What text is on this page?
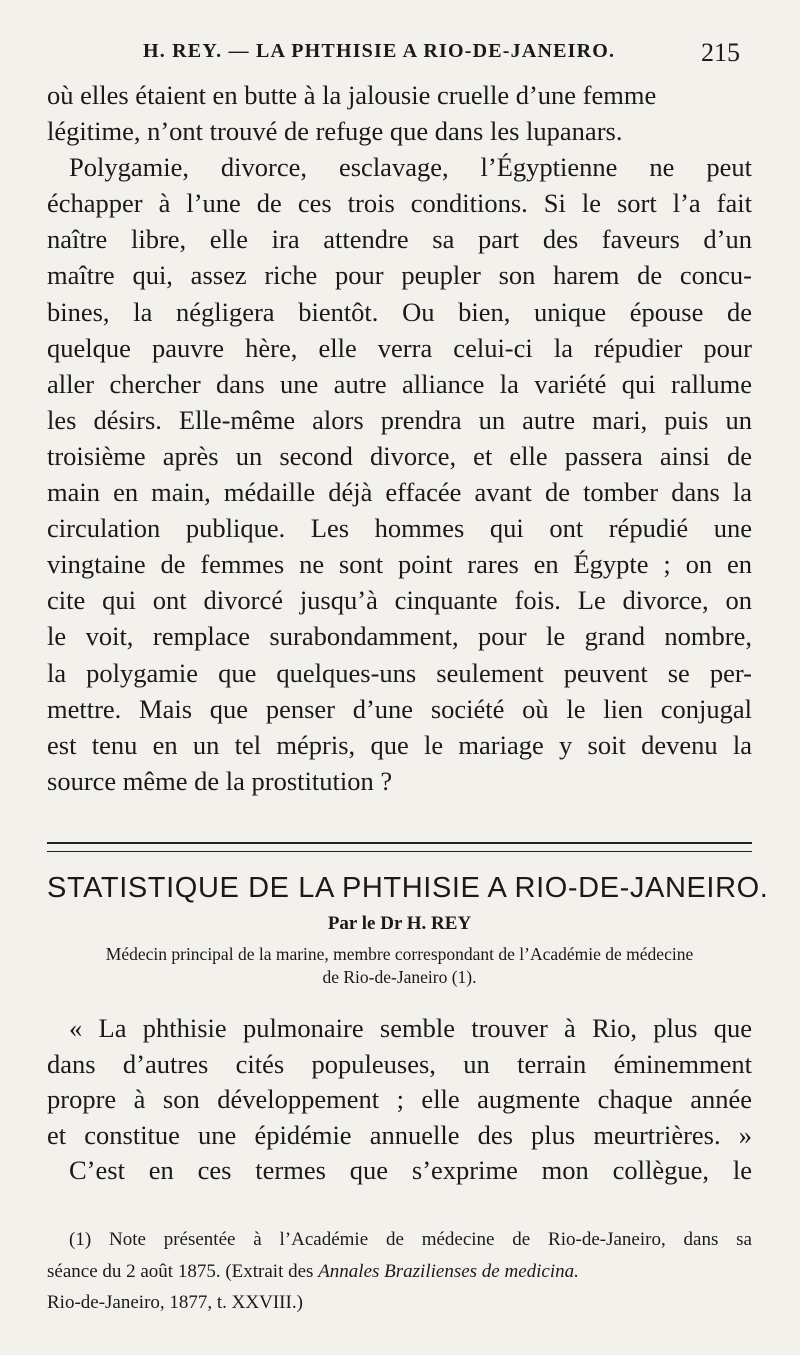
H. REY. — LA PHTHISIE A RIO-DE-JANEIRO.	215
où elles étaient en butte à la jalousie cruelle d’une femme
légitime, n’ont trouvé de refuge que dans les lupanars.
Polygamie, divorce, esclavage, l’Égyptienne ne peut
échapper à l’une de ces trois conditions. Si le sort l’a fait
naître libre, elle ira attendre sa part des faveurs d’un
maître qui, assez riche pour peupler son harem de concu-
bines, la négligera bientôt. Ou bien, unique épouse de
quelque pauvre hère, elle verra celui-ci la répudier pour
aller chercher dans une autre alliance la variété qui rallume
les désirs. Elle-même alors prendra un autre mari, puis un
troisième après un second divorce, et elle passera ainsi de
main en main, médaille déjà effacée avant de tomber dans la
circulation publique. Les hommes qui ont répudié une
vingtaine de femmes ne sont point rares en Égypte ; on en
cite qui ont divorcé jusqu’à cinquante fois. Le divorce, on
le voit, remplace surabondamment, pour le grand nombre,
la polygamie que quelques-uns seulement peuvent se per-
mettre. Mais que penser d’une société où le lien conjugal
est tenu en un tel mépris, que le mariage y soit devenu la
source même de la prostitution ?
STATISTIQUE DE LA PHTHISIE A RIO-DE-JANEIRO.
Par le Dr H. REY
Médecin principal de la marine, membre correspondant de l’Académie de médecine
de Rio-de-Janeiro (1).
« La phthisie pulmonaire semble trouver à Rio, plus que
dans d’autres cités populeuses, un terrain éminemment
propre à son développement ; elle augmente chaque année
et constitue une épidémie annuelle des plus meurtrières. »
C’est en ces termes que s’exprime mon collègue, le
(1) Note présentée à l’Académie de médecine de Rio-de-Janeiro, dans sa
séance du 2 août 1875. (Extrait des Annales Brazilienses de medicina.
Rio-de-Janeiro, 1877, t. XXVIII.)
